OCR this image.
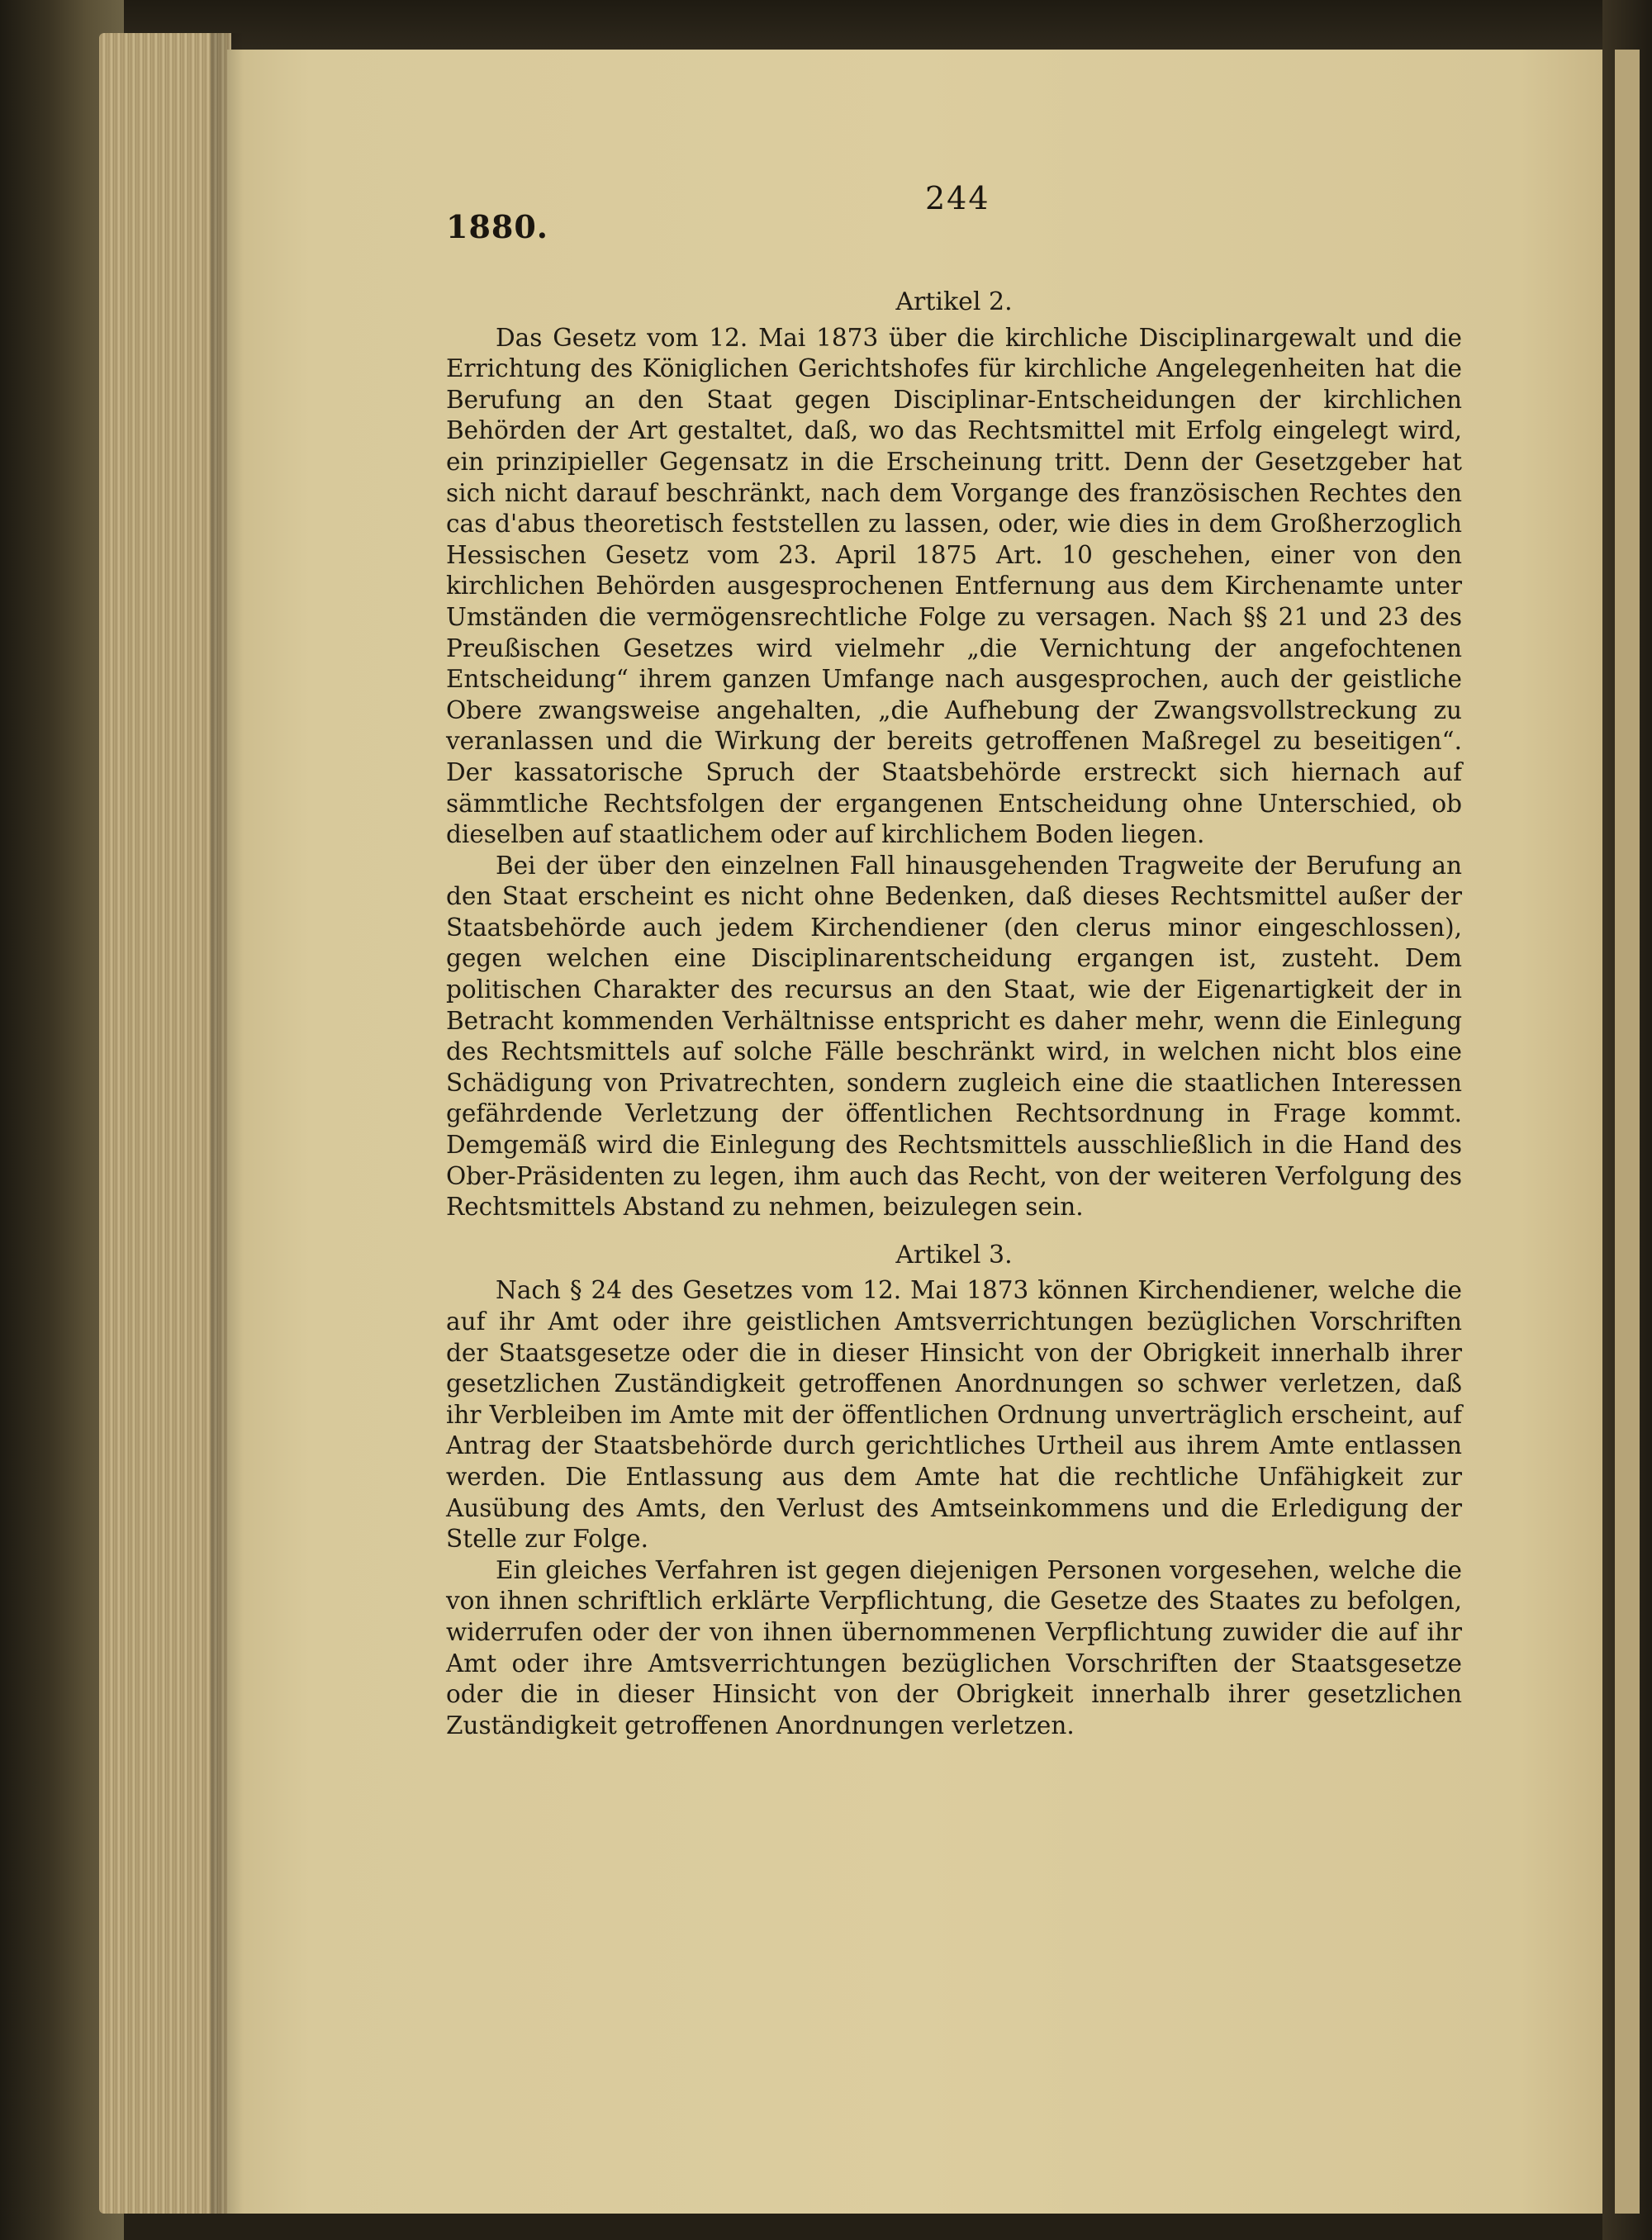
244
1880.

Artikel 2.

Das Gesetz vom 12. Mai 1873 über die kirchliche Disciplinargewalt und die Errichtung des Königlichen Gerichtshofes für kirchliche Angelegenheiten hat die Berufung an den Staat gegen Disciplinar-Entscheidungen der kirchlichen Behörden der Art gestaltet, daß, wo das Rechtsmittel mit Erfolg eingelegt wird, ein prinzipieller Gegensatz in die Erscheinung tritt. Denn der Gesetzgeber hat sich nicht darauf beschränkt, nach dem Vorgange des französischen Rechtes den cas d'abus theoretisch feststellen zu lassen, oder, wie dies in dem Großherzoglich Hessischen Gesetz vom 23. April 1875 Art. 10 geschehen, einer von den kirchlichen Behörden ausgesprochenen Entfernung aus dem Kirchenamte unter Umständen die vermögensrechtliche Folge zu versagen. Nach §§ 21 und 23 des Preußischen Gesetzes wird vielmehr „die Vernichtung der angefochtenen Entscheidung“ ihrem ganzen Umfange nach ausgesprochen, auch der geistliche Obere zwangsweise angehalten, „die Aufhebung der Zwangsvollstreckung zu veranlassen und die Wirkung der bereits getroffenen Maßregel zu beseitigen“. Der kassatorische Spruch der Staatsbehörde erstreckt sich hiernach auf sämmtliche Rechtsfolgen der ergangenen Entscheidung ohne Unterschied, ob dieselben auf staatlichem oder auf kirchlichem Boden liegen.

Bei der über den einzelnen Fall hinausgehenden Tragweite der Berufung an den Staat erscheint es nicht ohne Bedenken, daß dieses Rechtsmittel außer der Staatsbehörde auch jedem Kirchendiener (den clerus minor eingeschlossen), gegen welchen eine Disciplinarentscheidung ergangen ist, zusteht. Dem politischen Charakter des recursus an den Staat, wie der Eigenartigkeit der in Betracht kommenden Verhältnisse entspricht es daher mehr, wenn die Einlegung des Rechtsmittels auf solche Fälle beschränkt wird, in welchen nicht blos eine Schädigung von Privatrechten, sondern zugleich eine die staatlichen Interessen gefährdende Verletzung der öffentlichen Rechtsordnung in Frage kommt. Demgemäß wird die Einlegung des Rechtsmittels ausschließlich in die Hand des Ober-Präsidenten zu legen, ihm auch das Recht, von der weiteren Verfolgung des Rechtsmittels Abstand zu nehmen, beizulegen sein.

Artikel 3.

Nach § 24 des Gesetzes vom 12. Mai 1873 können Kirchendiener, welche die auf ihr Amt oder ihre geistlichen Amtsverrichtungen bezüglichen Vorschriften der Staatsgesetze oder die in dieser Hinsicht von der Obrigkeit innerhalb ihrer gesetzlichen Zuständigkeit getroffenen Anordnungen so schwer verletzen, daß ihr Verbleiben im Amte mit der öffentlichen Ordnung unverträglich erscheint, auf Antrag der Staatsbehörde durch gerichtliches Urtheil aus ihrem Amte entlassen werden. Die Entlassung aus dem Amte hat die rechtliche Unfähigkeit zur Ausübung des Amts, den Verlust des Amtseinkommens und die Erledigung der Stelle zur Folge.

Ein gleiches Verfahren ist gegen diejenigen Personen vorgesehen, welche die von ihnen schriftlich erklärte Verpflichtung, die Gesetze des Staates zu befolgen, widerrufen oder der von ihnen übernommenen Verpflichtung zuwider die auf ihr Amt oder ihre Amtsverrichtungen bezüglichen Vorschriften der Staatsgesetze oder die in dieser Hinsicht von der Obrigkeit innerhalb ihrer gesetzlichen Zuständigkeit getroffenen Anordnungen verletzen.
